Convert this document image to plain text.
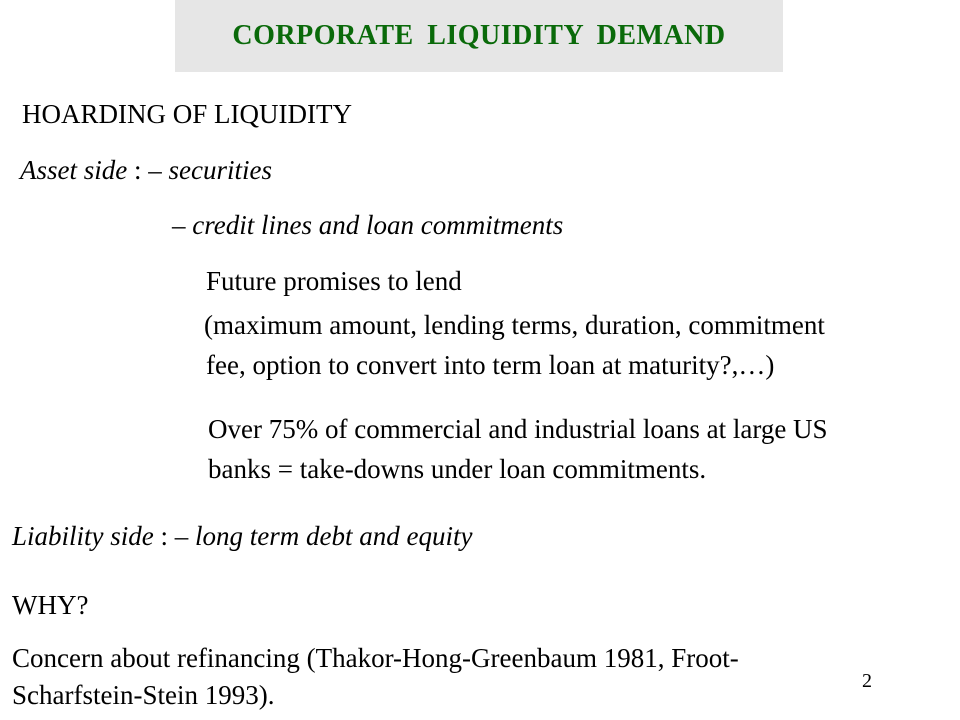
CORPORATE LIQUIDITY DEMAND
HOARDING OF LIQUIDITY
Asset side : – securities
– credit lines and loan commitments
Future promises to lend
(maximum amount, lending terms, duration, commitment
fee, option to convert into term loan at maturity?,…)
Over 75% of commercial and industrial loans at large US
banks = take-downs under loan commitments.
Liability side : – long term debt and equity
WHY?
Concern about refinancing (Thakor-Hong-Greenbaum 1981, Froot-
Scharfstein-Stein 1993).	2
